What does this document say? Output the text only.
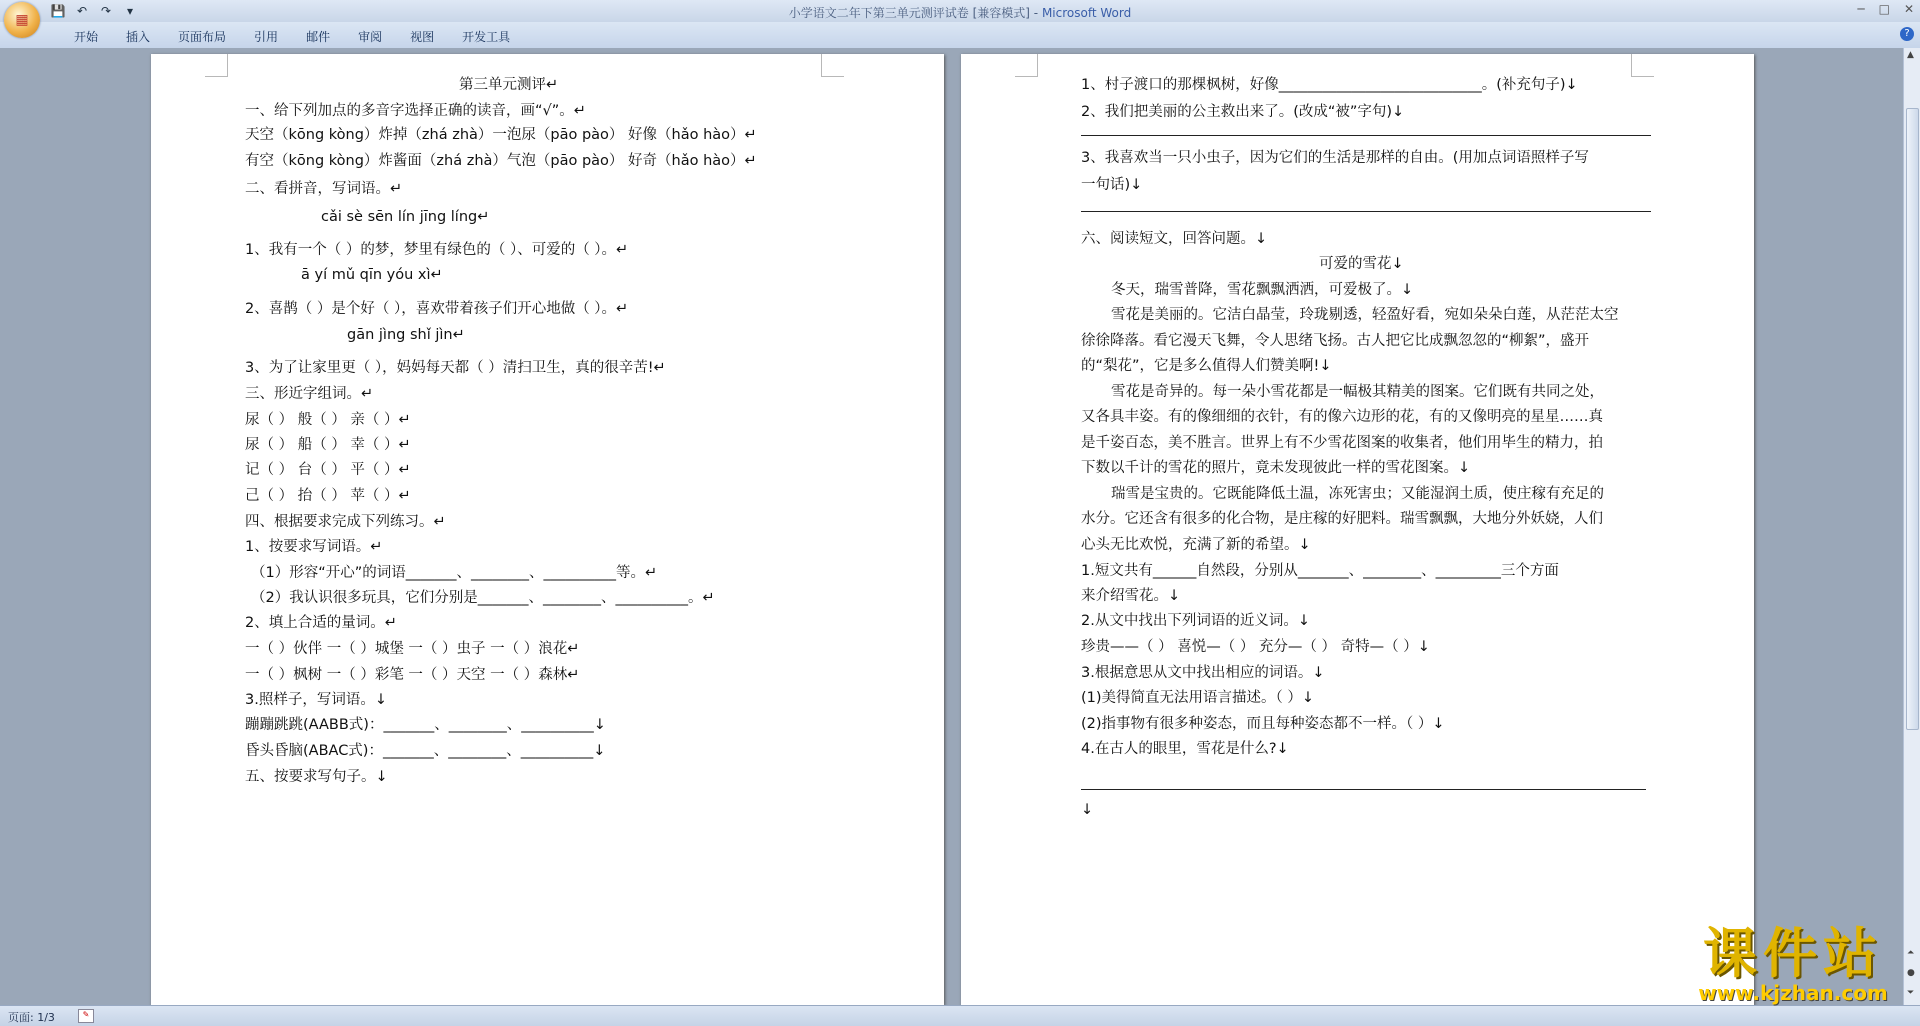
💾 ↶ ↷	▾	小学语文二年下第三单元测评试卷 [兼容模式] - Microsoft Word	─ □ ✕
▦
开始	插入	页面布局	引用	邮件	审阅	视图	开发工具	?
第三单元测评↵
一、给下列加点的多音字选择正确的读音，画“√”。↵
天空（kōng kòng）炸掉（zhá zhà）一泡尿（pāo pào） 好像（hǎo hào）↵
有空（kōng kòng）炸酱面（zhá zhà）气泡（pāo pào） 好奇（hǎo hào）↵
二、看拼音，写词语。↵
cǎi sè sēn lín jīng líng↵
1、我有一个（ ）的梦，梦里有绿色的（ ）、可爱的（ ）。↵
ā yí mǔ qīn yóu xì↵
2、喜鹊（ ）是个好（ ），喜欢带着孩子们开心地做（ ）。↵
gān jìng shǐ jìn↵
3、为了让家里更（ ），妈妈每天都（ ）清扫卫生，真的很辛苦!↵
三、形近字组词。↵
尿（ ） 般（ ） 亲（ ）↵
尿（ ） 船（ ） 幸（ ）↵
记（ ） 台（ ） 平（ ）↵
己（ ） 抬（ ） 苹（ ）↵
四、根据要求完成下列练习。↵
1、按要求写词语。↵
（1）形容“开心”的词语_______、________、__________等。↵
（2）我认识很多玩具，它们分别是_______、________、__________。↵
2、填上合适的量词。↵
一（ ）伙伴 一（ ）城堡 一（ ）虫子 一（ ）浪花↵
一（ ）枫树 一（ ）彩笔 一（ ）天空 一（ ）森林↵
3.照样子，写词语。↓
蹦蹦跳跳(AABB式)：_______、________、__________↓
昏头昏脑(ABAC式)：_______、________、__________↓
五、按要求写句子。↓
1、村子渡口的那棵枫树，好像____________________________。(补充句子)↓
2、我们把美丽的公主救出来了。(改成“被”字句)↓
3、我喜欢当一只小虫子，因为它们的生活是那样的自由。(用加点词语照样子写
一句话)↓
六、阅读短文，回答问题。↓
可爱的雪花↓
冬天，瑞雪普降，雪花飘飘洒洒，可爱极了。↓
雪花是美丽的。它洁白晶莹，玲珑剔透，轻盈好看，宛如朵朵白莲，从茫茫太空
徐徐降落。看它漫天飞舞，令人思绪飞扬。古人把它比成飘忽忽的“柳絮”，盛开
的“梨花”，它是多么值得人们赞美啊!↓
雪花是奇异的。每一朵小雪花都是一幅极其精美的图案。它们既有共同之处，
又各具丰姿。有的像细细的衣针，有的像六边形的花，有的又像明亮的星星……真
是千姿百态，美不胜言。世界上有不少雪花图案的收集者，他们用毕生的精力，拍
下数以千计的雪花的照片，竟未发现彼此一样的雪花图案。↓
瑞雪是宝贵的。它既能降低土温，冻死害虫；又能湿润土质，使庄稼有充足的
水分。它还含有很多的化合物，是庄稼的好肥料。瑞雪飘飘，大地分外妖娆，人们
心头无比欢悦，充满了新的希望。↓
1.短文共有______自然段，分别从_______、________、_________三个方面
来介绍雪花。↓
2.从文中找出下列词语的近义词。↓
珍贵——（ ） 喜悦—（ ） 充分—（ ） 奇特—（ ）↓
3.根据意思从文中找出相应的词语。↓
(1)美得简直无法用语言描述。（ ）↓
(2)指事物有很多种姿态，而且每种姿态都不一样。（ ）↓
4.在古人的眼里，雪花是什么?↓
↓
▲
⏶
●
⏷
页面: 1/3	✎
课件站
www.kjzhan.com
